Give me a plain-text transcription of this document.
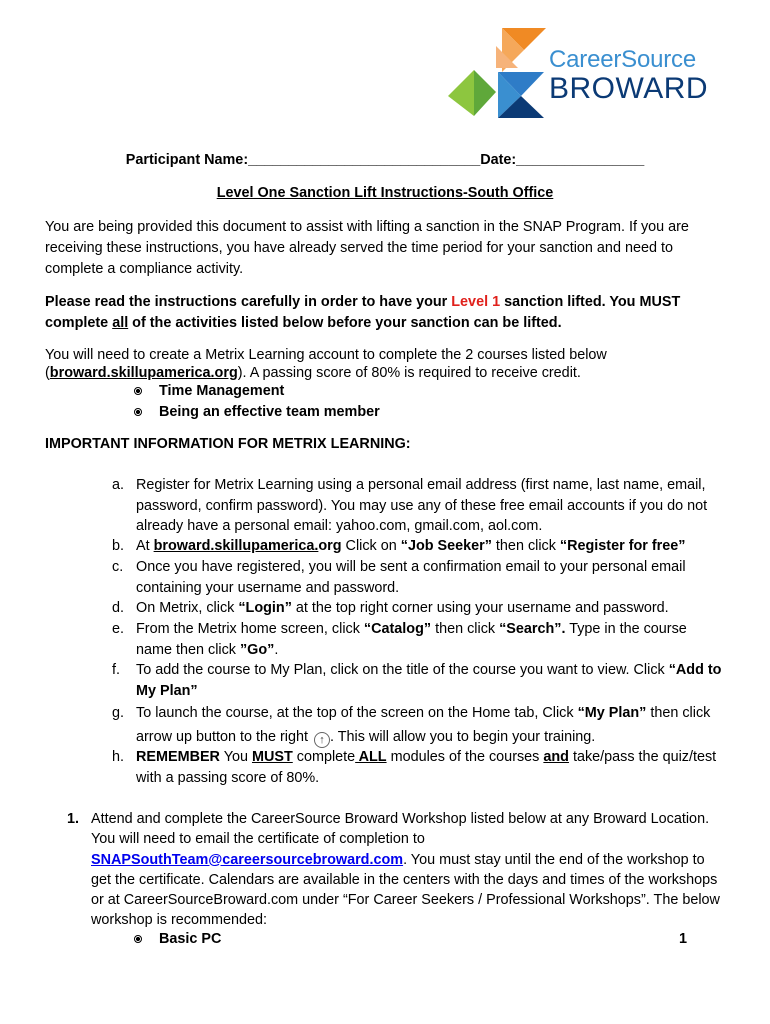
CareerSource
BROWARD
Participant Name:_____________________________Date:________________
Level One Sanction Lift Instructions-South Office
You are being provided this document to assist with lifting a sanction in the SNAP Program. If you are receiving these instructions, you have already served the time period for your sanction and need to complete a compliance activity.
Please read the instructions carefully in order to have your Level 1 sanction lifted. You MUST complete all of the activities listed below before your sanction can be lifted.
You will need to create a Metrix Learning account to complete the 2 courses listed below (broward.skillupamerica.org). A passing score of 80% is required to receive credit.
Time Management
Being an effective team member
IMPORTANT INFORMATION FOR METRIX LEARNING:
a. Register for Metrix Learning using a personal email address (first name, last name, email, password, confirm password). You may use any of these free email accounts if you do not already have a personal email: yahoo.com, gmail.com, aol.com.
b. At broward.skillupamerica.org Click on “Job Seeker” then click “Register for free”
c. Once you have registered, you will be sent a confirmation email to your personal email containing your username and password.
d. On Metrix, click “Login” at the top right corner using your username and password.
e. From the Metrix home screen, click “Catalog” then click “Search”. Type in the course name then click ”Go”.
f. To add the course to My Plan, click on the title of the course you want to view. Click “Add to My Plan”
g. To launch the course, at the top of the screen on the Home tab, Click “My Plan” then click arrow up button to the right ↑ . This will allow you to begin your training.
h. REMEMBER You MUST complete ALL modules of the courses and take/pass the quiz/test with a passing score of 80%.
1. Attend and complete the CareerSource Broward Workshop listed below at any Broward Location. You will need to email the certificate of completion to SNAPSouthTeam@careersourcebroward.com. You must stay until the end of the workshop to get the certificate. Calendars are available in the centers with the days and times of the workshops or at CareerSourceBroward.com under “For Career Seekers / Professional Workshops”. The below workshop is recommended:
Basic PC	1
